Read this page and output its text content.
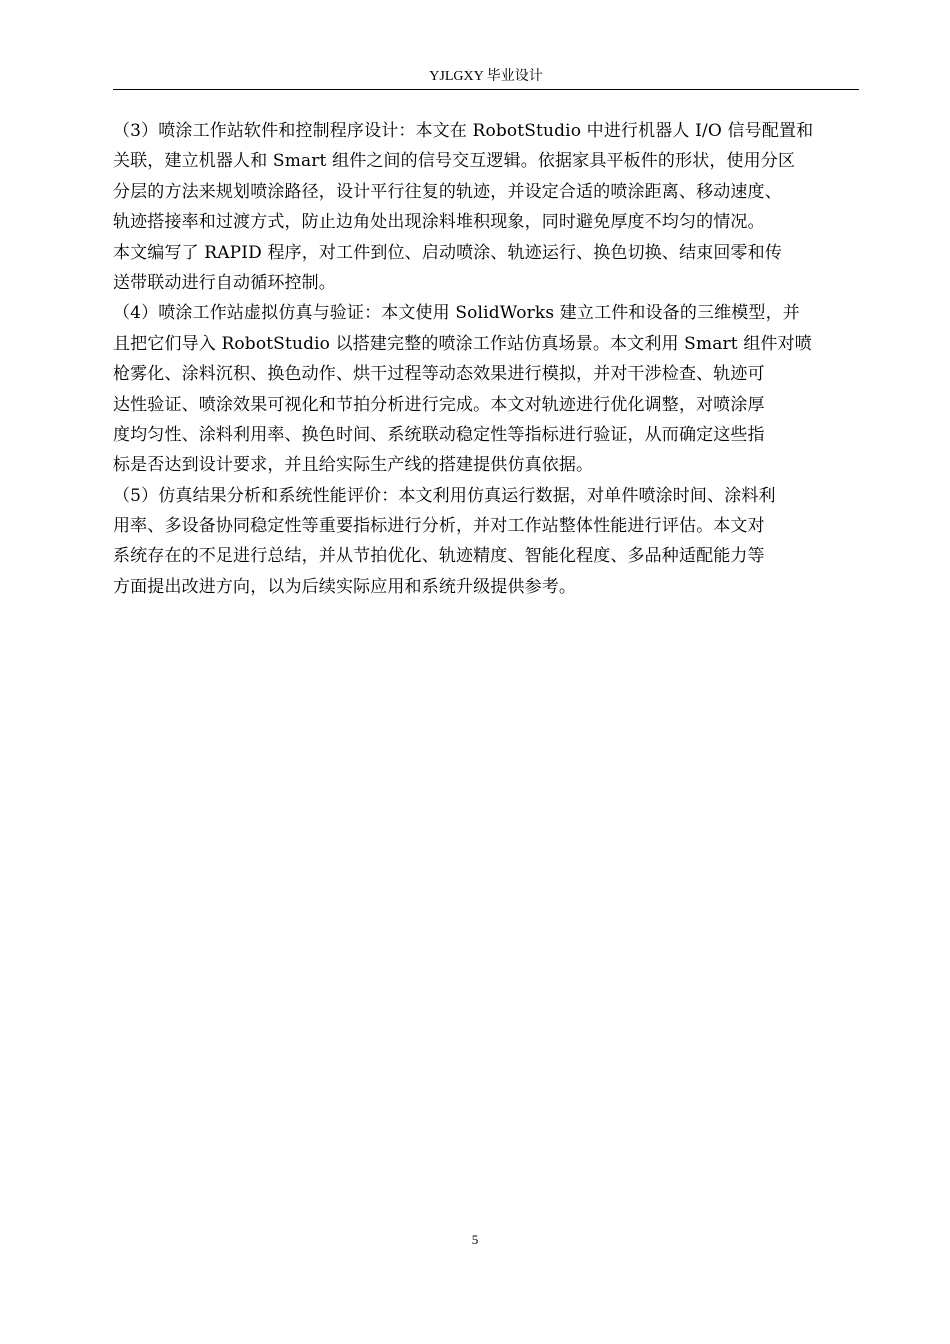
YJLGXY 毕业设计

（3）喷涂工作站软件和控制程序设计：本文在 RobotStudio 中进行机器人 I/O 信号配置和
关联，建立机器人和 Smart 组件之间的信号交互逻辑。依据家具平板件的形状，使用分区
分层的方法来规划喷涂路径，设计平行往复的轨迹，并设定合适的喷涂距离、移动速度、
轨迹搭接率和过渡方式，防止边角处出现涂料堆积现象，同时避免厚度不均匀的情况。
本文编写了 RAPID 程序，对工件到位、启动喷涂、轨迹运行、换色切换、结束回零和传
送带联动进行自动循环控制。

（4）喷涂工作站虚拟仿真与验证：本文使用 SolidWorks 建立工件和设备的三维模型，并
且把它们导入 RobotStudio 以搭建完整的喷涂工作站仿真场景。本文利用 Smart 组件对喷
枪雾化、涂料沉积、换色动作、烘干过程等动态效果进行模拟，并对干涉检查、轨迹可
达性验证、喷涂效果可视化和节拍分析进行完成。本文对轨迹进行优化调整，对喷涂厚
度均匀性、涂料利用率、换色时间、系统联动稳定性等指标进行验证，从而确定这些指
标是否达到设计要求，并且给实际生产线的搭建提供仿真依据。

（5）仿真结果分析和系统性能评价：本文利用仿真运行数据，对单件喷涂时间、涂料利
用率、多设备协同稳定性等重要指标进行分析，并对工作站整体性能进行评估。本文对
系统存在的不足进行总结，并从节拍优化、轨迹精度、智能化程度、多品种适配能力等
方面提出改进方向，以为后续实际应用和系统升级提供参考。

5
